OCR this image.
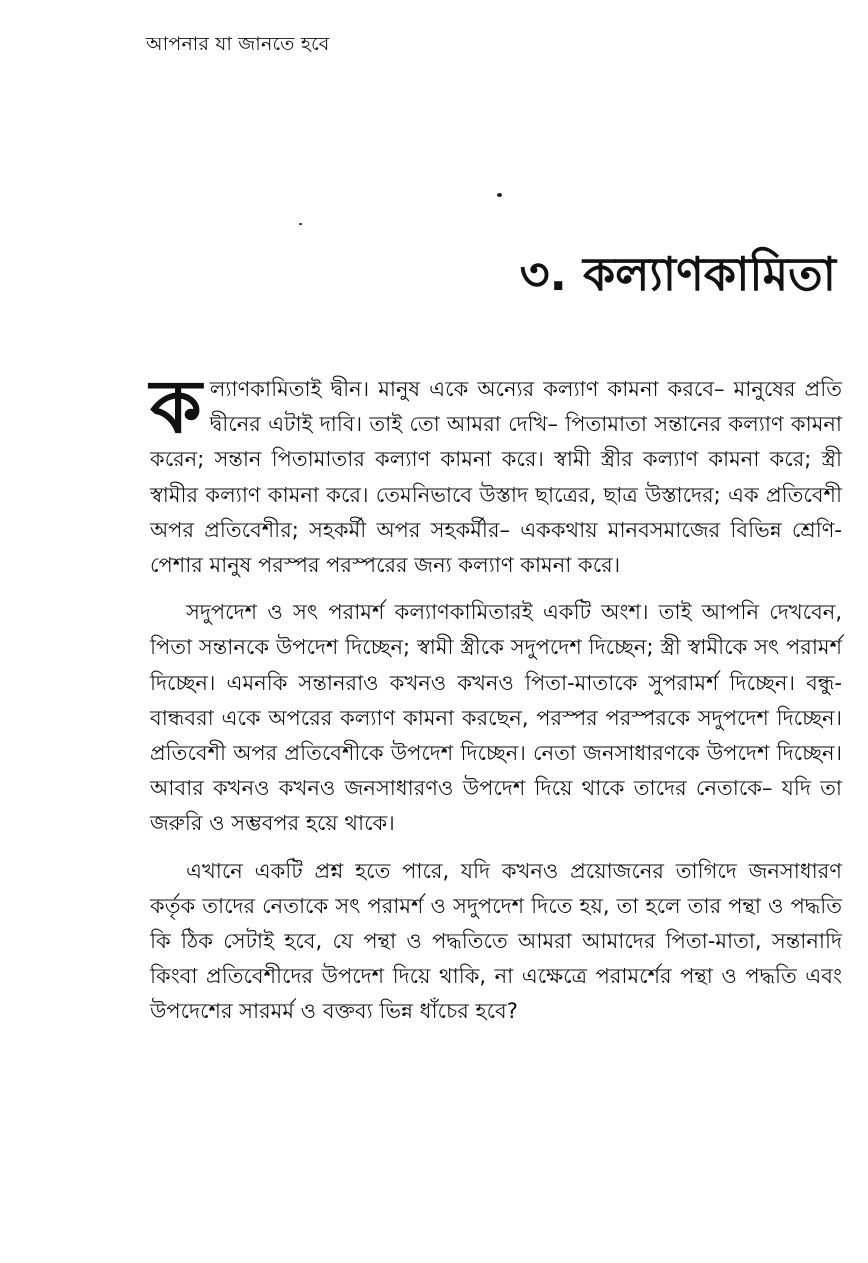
আপনার যা জানতে হবে
৩. কল্যাণকামিতা

কল্যাণকামিতাই দ্বীন। মানুষ একে অন্যের কল্যাণ কামনা করবে– মানুষের প্রতি দ্বীনের এটাই দাবি। তাই তো আমরা দেখি– পিতামাতা সন্তানের কল্যাণ কামনা করেন; সন্তান পিতামাতার কল্যাণ কামনা করে। স্বামী স্ত্রীর কল্যাণ কামনা করে; স্ত্রী স্বামীর কল্যাণ কামনা করে। তেমনিভাবে উস্তাদ ছাত্রের, ছাত্র উস্তাদের; এক প্রতিবেশী অপর প্রতিবেশীর; সহকর্মী অপর সহকর্মীর– এককথায় মানবসমাজের বিভিন্ন শ্রেণি-পেশার মানুষ পরস্পর পরস্পরের জন্য কল্যাণ কামনা করে।

সদুপদেশ ও সৎ পরামর্শ কল্যাণকামিতারই একটি অংশ। তাই আপনি দেখবেন, পিতা সন্তানকে উপদেশ দিচ্ছেন; স্বামী স্ত্রীকে সদুপদেশ দিচ্ছেন; স্ত্রী স্বামীকে সৎ পরামর্শ দিচ্ছেন। এমনকি সন্তানরাও কখনও কখনও পিতা-মাতাকে সুপরামর্শ দিচ্ছেন। বন্ধু-বান্ধবরা একে অপরের কল্যাণ কামনা করছেন, পরস্পর পরস্পরকে সদুপদেশ দিচ্ছেন। প্রতিবেশী অপর প্রতিবেশীকে উপদেশ দিচ্ছেন। নেতা জনসাধারণকে উপদেশ দিচ্ছেন। আবার কখনও কখনও জনসাধারণও উপদেশ দিয়ে থাকে তাদের নেতাকে– যদি তা জরুরি ও সম্ভবপর হয়ে থাকে।

এখানে একটি প্রশ্ন হতে পারে, যদি কখনও প্রয়োজনের তাগিদে জনসাধারণ কর্তৃক তাদের নেতাকে সৎ পরামর্শ ও সদুপদেশ দিতে হয়, তা হলে তার পন্থা ও পদ্ধতি কি ঠিক সেটাই হবে, যে পন্থা ও পদ্ধতিতে আমরা আমাদের পিতা-মাতা, সন্তানাদি কিংবা প্রতিবেশীদের উপদেশ দিয়ে থাকি, না এক্ষেত্রে পরামর্শের পন্থা ও পদ্ধতি এবং উপদেশের সারমর্ম ও বক্তব্য ভিন্ন ধাঁচের হবে?
